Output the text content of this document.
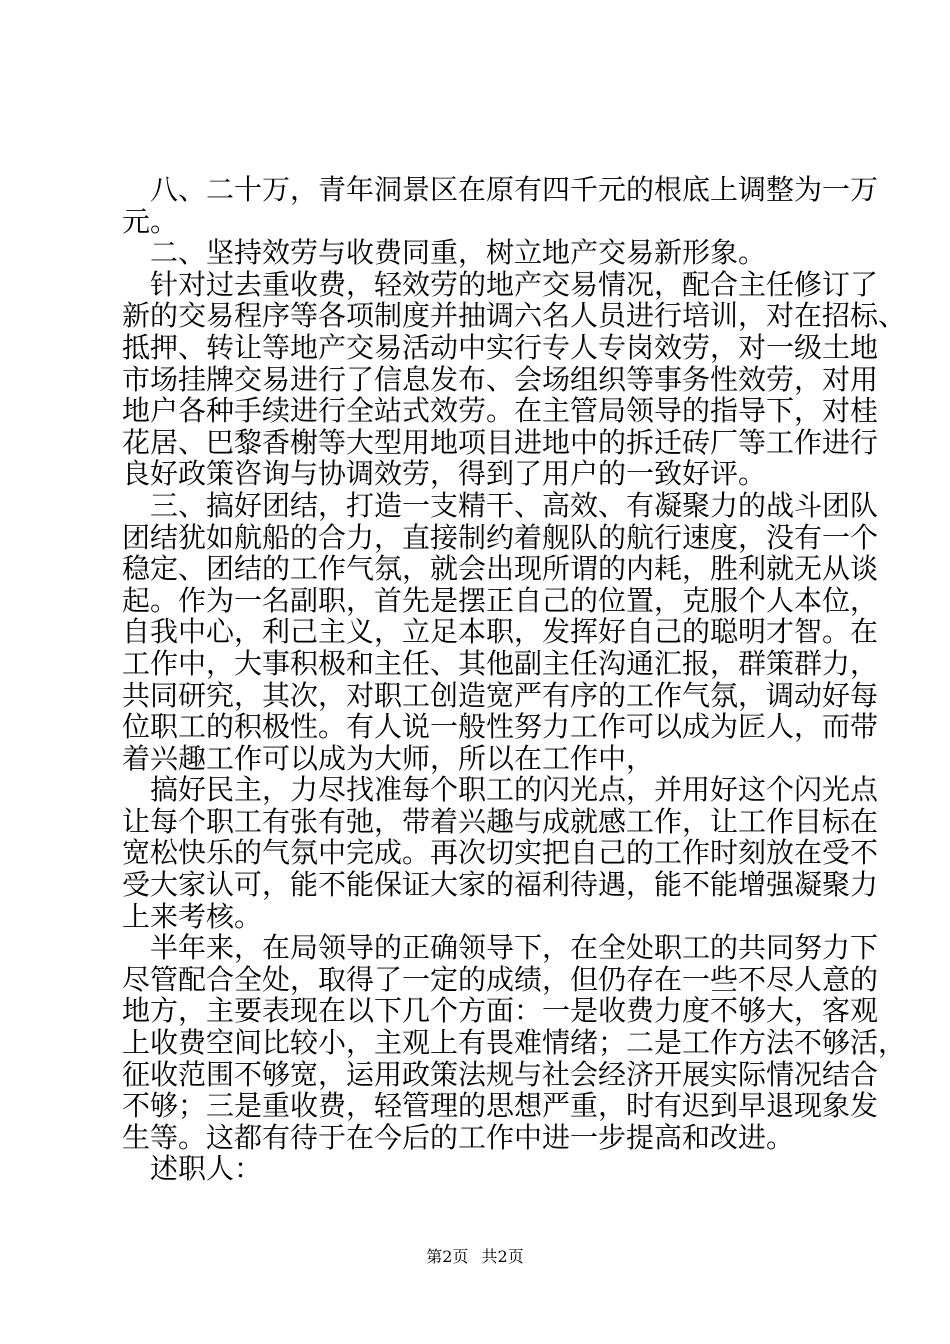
八、二十万，青年洞景区在原有四千元的根底上调整为一万
元。
二、坚持效劳与收费同重，树立地产交易新形象。
针对过去重收费，轻效劳的地产交易情况，配合主任修订了
新的交易程序等各项制度并抽调六名人员进行培训，对在招标、
抵押、转让等地产交易活动中实行专人专岗效劳，对一级土地
市场挂牌交易进行了信息发布、会场组织等事务性效劳，对用
地户各种手续进行全站式效劳。在主管局领导的指导下，对桂
花居、巴黎香榭等大型用地项目进地中的拆迁砖厂等工作进行
良好政策咨询与协调效劳，得到了用户的一致好评。
三、搞好团结，打造一支精干、高效、有凝聚力的战斗团队
团结犹如航船的合力，直接制约着舰队的航行速度，没有一个
稳定、团结的工作气氛，就会出现所谓的内耗，胜利就无从谈
起。作为一名副职，首先是摆正自己的位置，克服个人本位，
自我中心，利己主义，立足本职，发挥好自己的聪明才智。在
工作中，大事积极和主任、其他副主任沟通汇报，群策群力，
共同研究，其次，对职工创造宽严有序的工作气氛，调动好每
位职工的积极性。有人说一般性努力工作可以成为匠人，而带
着兴趣工作可以成为大师，所以在工作中，
搞好民主，力尽找准每个职工的闪光点，并用好这个闪光点
让每个职工有张有弛，带着兴趣与成就感工作，让工作目标在
宽松快乐的气氛中完成。再次切实把自己的工作时刻放在受不
受大家认可，能不能保证大家的福利待遇，能不能增强凝聚力
上来考核。
半年来，在局领导的正确领导下，在全处职工的共同努力下
尽管配合全处，取得了一定的成绩，但仍存在一些不尽人意的
地方，主要表现在以下几个方面：一是收费力度不够大，客观
上收费空间比较小，主观上有畏难情绪；二是工作方法不够活，
征收范围不够宽，运用政策法规与社会经济开展实际情况结合
不够；三是重收费，轻管理的思想严重，时有迟到早退现象发
生等。这都有待于在今后的工作中进一步提高和改进。
述职人：
第2页 共2页
